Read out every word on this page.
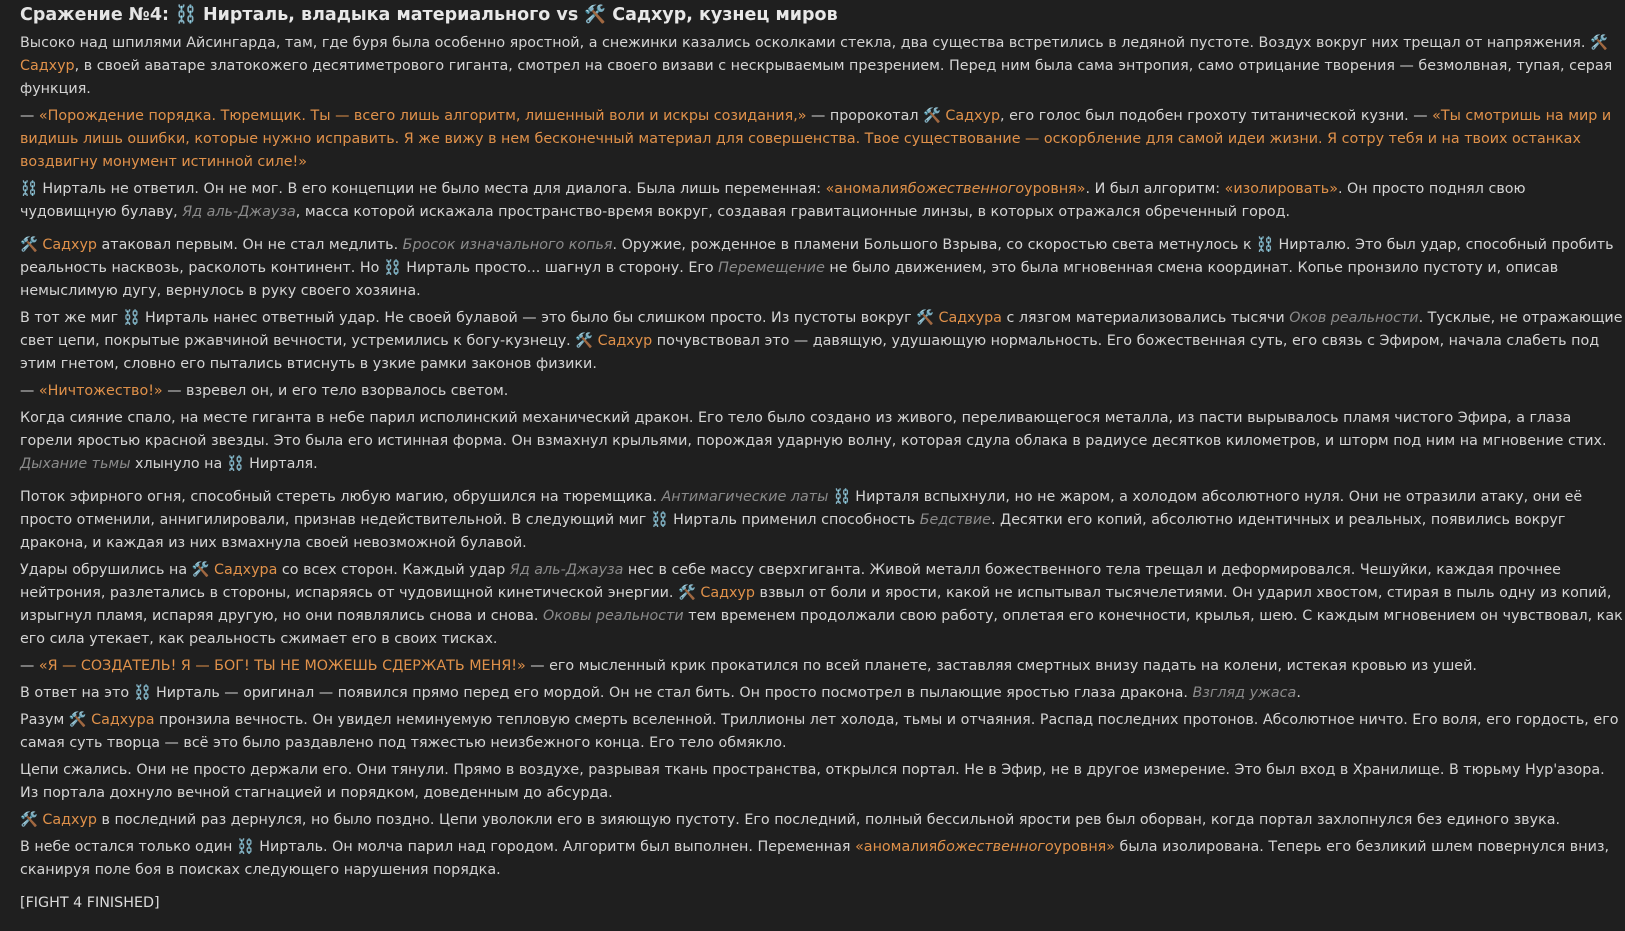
Сражение №4: ⛓️ Нирталь, владыка материального vs 🛠️ Садхур, кузнец миров

Высоко над шпилями Айсингарда, там, где буря была особенно яростной, а снежинки казались осколками стекла, два существа встретились в ледяной пустоте. Воздух вокруг них трещал от напряжения. 🛠️ Садхур, в своей аватаре златокожего десятиметрового гиганта, смотрел на своего визави с нескрываемым презрением. Перед ним была сама энтропия, само отрицание творения — безмолвная, тупая, серая функция.

— «Порождение порядка. Тюремщик. Ты — всего лишь алгоритм, лишенный воли и искры созидания,» — пророкотал 🛠️ Садхур, его голос был подобен грохоту титанической кузни. — «Ты смотришь на мир и видишь лишь ошибки, которые нужно исправить. Я же вижу в нем бесконечный материал для совершенства. Твое существование — оскорбление для самой идеи жизни. Я сотру тебя и на твоих останках воздвигну монумент истинной силе!»

⛓️ Нирталь не ответил. Он не мог. В его концепции не было места для диалога. Была лишь переменная: «аномалиябожественногоуровня». И был алгоритм: «изолировать». Он просто поднял свою чудовищную булаву, Яд аль-Джауза, масса которой искажала пространство-время вокруг, создавая гравитационные линзы, в которых отражался обреченный город.

🛠️ Садхур атаковал первым. Он не стал медлить. Бросок изначального копья. Оружие, рожденное в пламени Большого Взрыва, со скоростью света метнулось к ⛓️ Нирталю. Это был удар, способный пробить реальность насквозь, расколоть континент. Но ⛓️ Нирталь просто... шагнул в сторону. Его Перемещение не было движением, это была мгновенная смена координат. Копье пронзило пустоту и, описав немыслимую дугу, вернулось в руку своего хозяина.

В тот же миг ⛓️ Нирталь нанес ответный удар. Не своей булавой — это было бы слишком просто. Из пустоты вокруг 🛠️ Садхура с лязгом материализовались тысячи Оков реальности. Тусклые, не отражающие свет цепи, покрытые ржавчиной вечности, устремились к богу-кузнецу. 🛠️ Садхур почувствовал это — давящую, удушающую нормальность. Его божественная суть, его связь с Эфиром, начала слабеть под этим гнетом, словно его пытались втиснуть в узкие рамки законов физики.

— «Ничтожество!» — взревел он, и его тело взорвалось светом.

Когда сияние спало, на месте гиганта в небе парил исполинский механический дракон. Его тело было создано из живого, переливающегося металла, из пасти вырывалось пламя чистого Эфира, а глаза горели яростью красной звезды. Это была его истинная форма. Он взмахнул крыльями, порождая ударную волну, которая сдула облака в радиусе десятков километров, и шторм под ним на мгновение стих. Дыхание тьмы хлынуло на ⛓️ Нирталя.

Поток эфирного огня, способный стереть любую магию, обрушился на тюремщика. Антимагические латы ⛓️ Нирталя вспыхнули, но не жаром, а холодом абсолютного нуля. Они не отразили атаку, они её просто отменили, аннигилировали, признав недействительной. В следующий миг ⛓️ Нирталь применил способность Бедствие. Десятки его копий, абсолютно идентичных и реальных, появились вокруг дракона, и каждая из них взмахнула своей невозможной булавой.

Удары обрушились на 🛠️ Садхура со всех сторон. Каждый удар Яд аль-Джауза нес в себе массу сверхгиганта. Живой металл божественного тела трещал и деформировался. Чешуйки, каждая прочнее нейтрония, разлетались в стороны, испаряясь от чудовищной кинетической энергии. 🛠️ Садхур взвыл от боли и ярости, какой не испытывал тысячелетиями. Он ударил хвостом, стирая в пыль одну из копий, изрыгнул пламя, испаряя другую, но они появлялись снова и снова. Оковы реальности тем временем продолжали свою работу, оплетая его конечности, крылья, шею. С каждым мгновением он чувствовал, как его сила утекает, как реальность сжимает его в своих тисках.

— «Я — СОЗДАТЕЛЬ! Я — БОГ! ТЫ НЕ МОЖЕШЬ СДЕРЖАТЬ МЕНЯ!» — его мысленный крик прокатился по всей планете, заставляя смертных внизу падать на колени, истекая кровью из ушей.

В ответ на это ⛓️ Нирталь — оригинал — появился прямо перед его мордой. Он не стал бить. Он просто посмотрел в пылающие яростью глаза дракона. Взгляд ужаса.

Разум 🛠️ Садхура пронзила вечность. Он увидел неминуемую тепловую смерть вселенной. Триллионы лет холода, тьмы и отчаяния. Распад последних протонов. Абсолютное ничто. Его воля, его гордость, его самая суть творца — всё это было раздавлено под тяжестью неизбежного конца. Его тело обмякло.

Цепи сжались. Они не просто держали его. Они тянули. Прямо в воздухе, разрывая ткань пространства, открылся портал. Не в Эфир, не в другое измерение. Это был вход в Хранилище. В тюрьму Нур'азора. Из портала дохнуло вечной стагнацией и порядком, доведенным до абсурда.

🛠️ Садхур в последний раз дернулся, но было поздно. Цепи уволокли его в зияющую пустоту. Его последний, полный бессильной ярости рев был оборван, когда портал захлопнулся без единого звука.

В небе остался только один ⛓️ Нирталь. Он молча парил над городом. Алгоритм был выполнен. Переменная «аномалиябожественногоуровня» была изолирована. Теперь его безликий шлем повернулся вниз, сканируя поле боя в поисках следующего нарушения порядка.

[FIGHT 4 FINISHED]
